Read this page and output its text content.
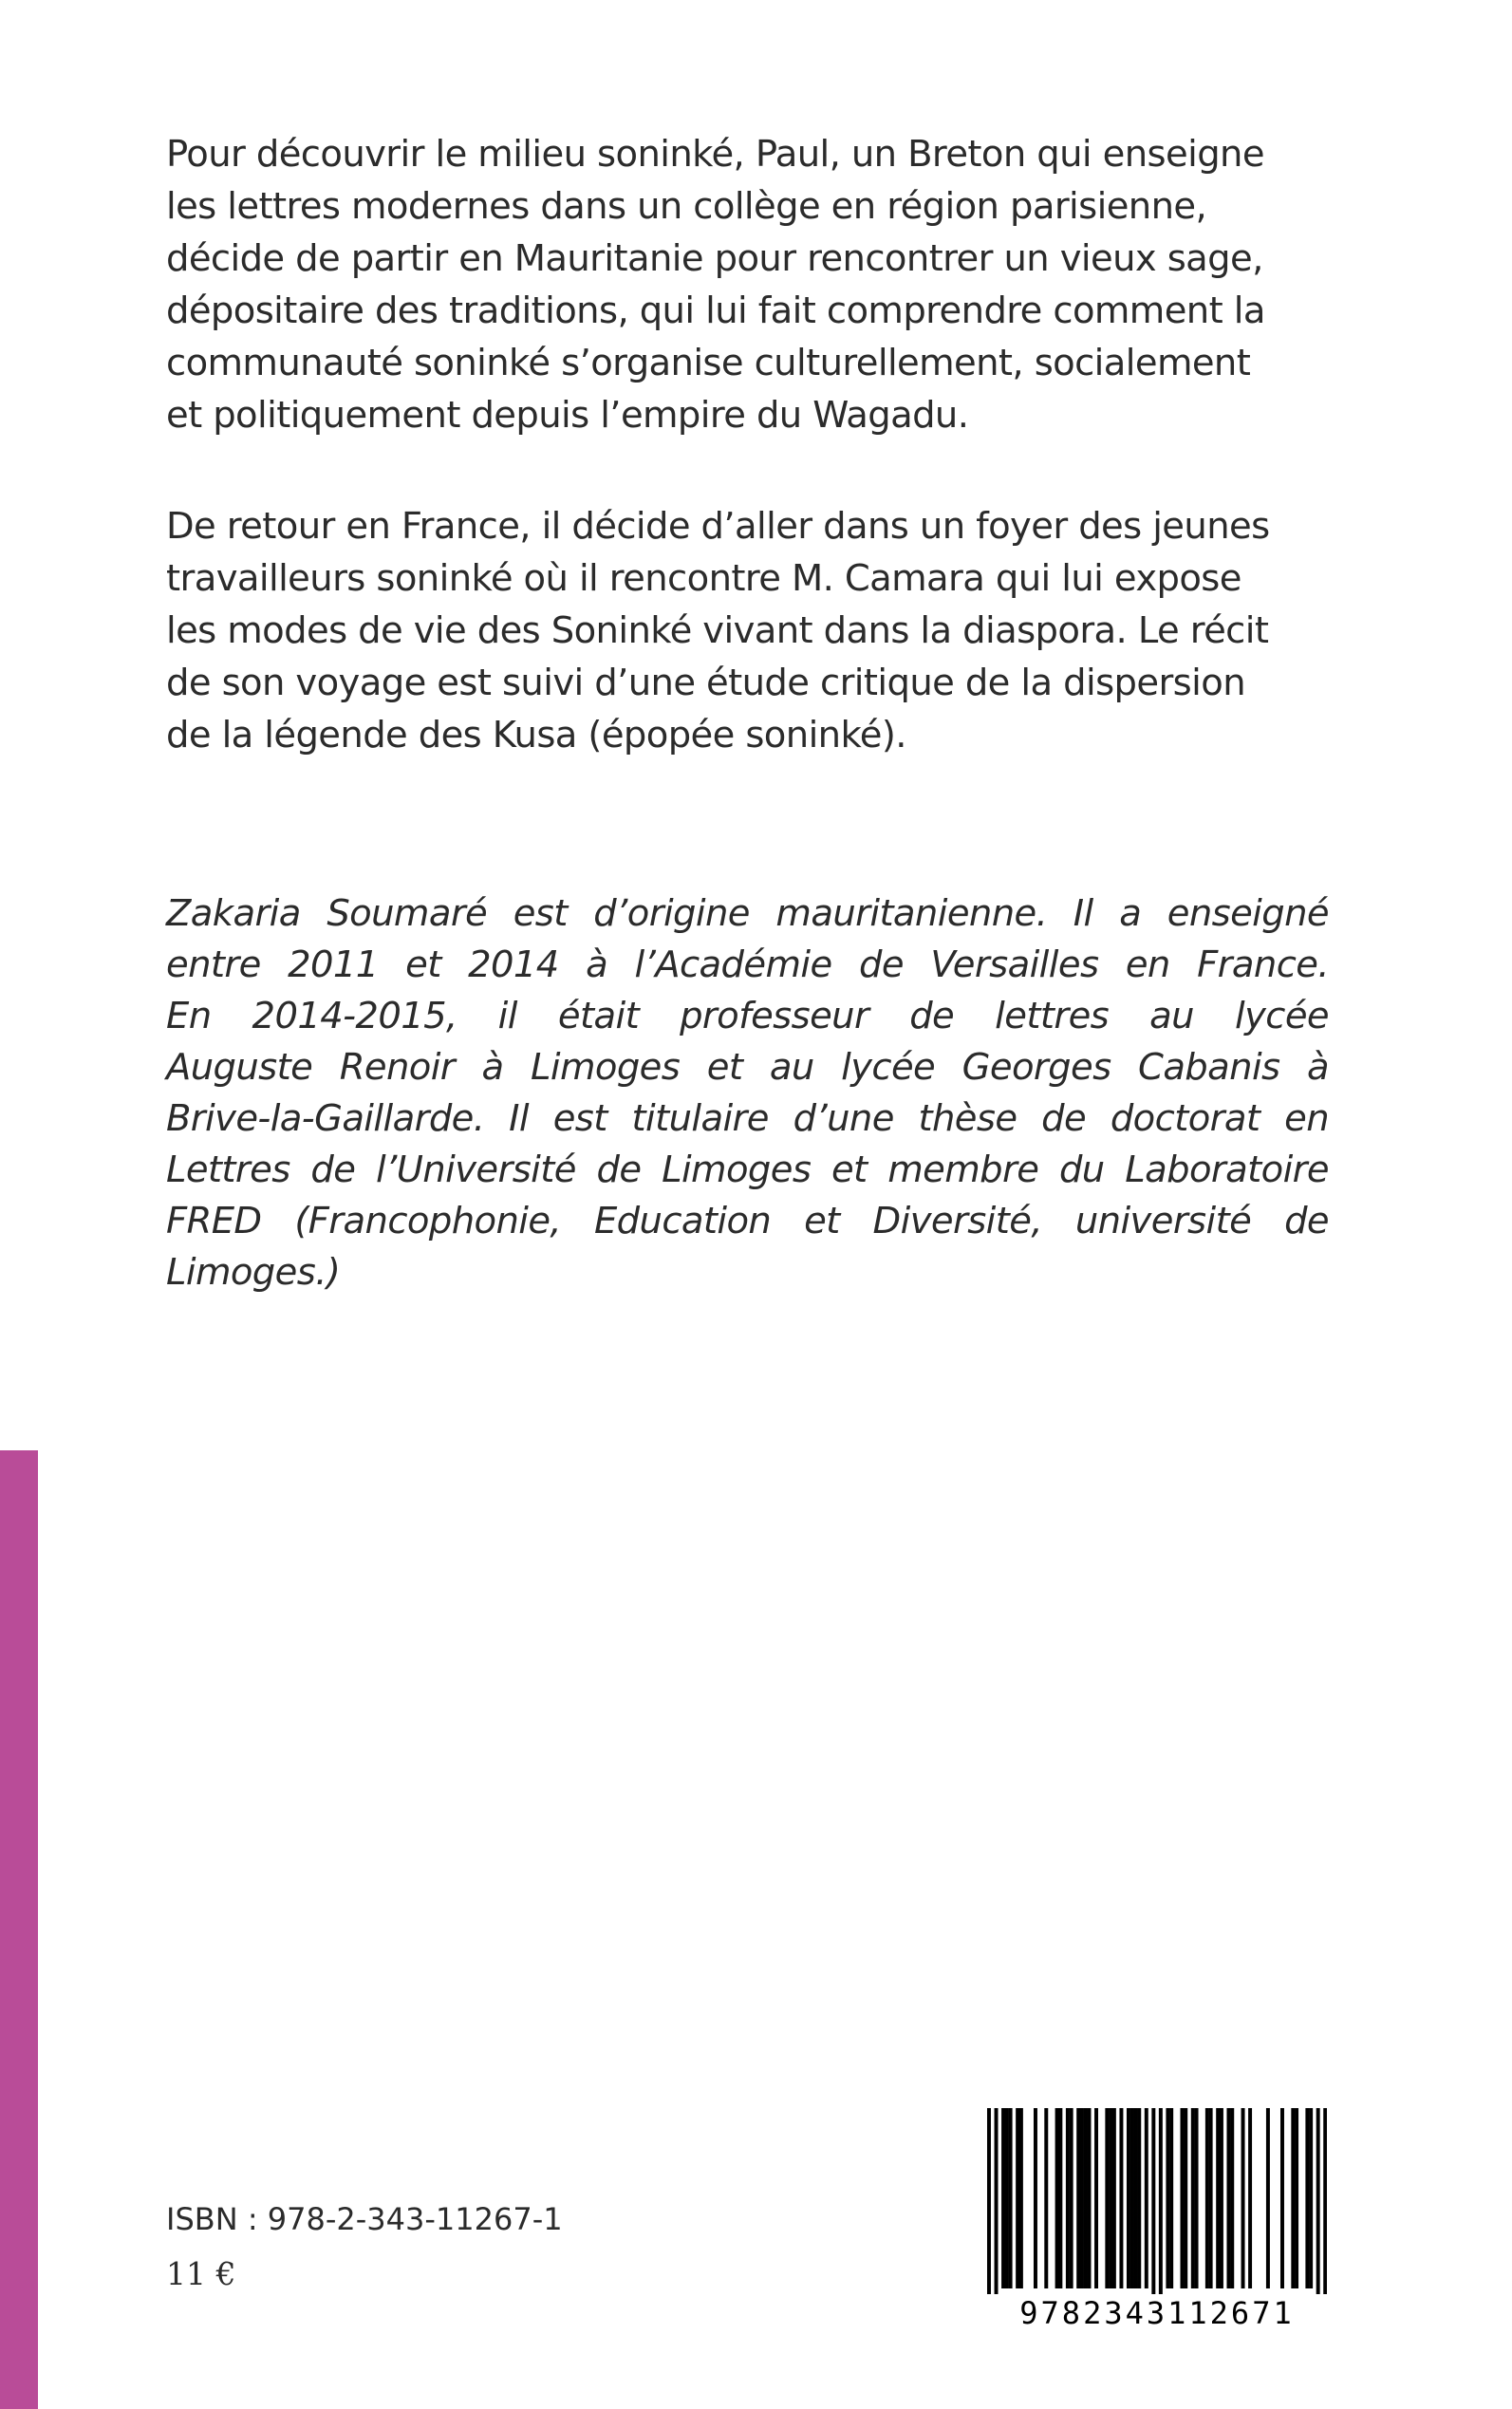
Pour découvrir le milieu soninké, Paul, un Breton qui enseigne
les lettres modernes dans un collège en région parisienne,
décide de partir en Mauritanie pour rencontrer un vieux sage,
dépositaire des traditions, qui lui fait comprendre comment la
communauté soninké s’organise culturellement, socialement
et politiquement depuis l’empire du Wagadu.
De retour en France, il décide d’aller dans un foyer des jeunes
travailleurs soninké où il rencontre M. Camara qui lui expose
les modes de vie des Soninké vivant dans la diaspora. Le récit
de son voyage est suivi d’une étude critique de la dispersion
de la légende des Kusa (épopée soninké).
Zakaria Soumaré est d’origine mauritanienne. Il a enseigné
entre 2011 et 2014 à l’Académie de Versailles en France.
En 2014-2015, il était professeur de lettres au lycée
Auguste Renoir à Limoges et au lycée Georges Cabanis à
Brive-la-Gaillarde. Il est titulaire d’une thèse de doctorat en
Lettres de l’Université de Limoges et membre du Laboratoire
FRED (Francophonie, Education et Diversité, université de
Limoges.)
ISBN : 978-2-343-11267-1
11 €
9782343112671
